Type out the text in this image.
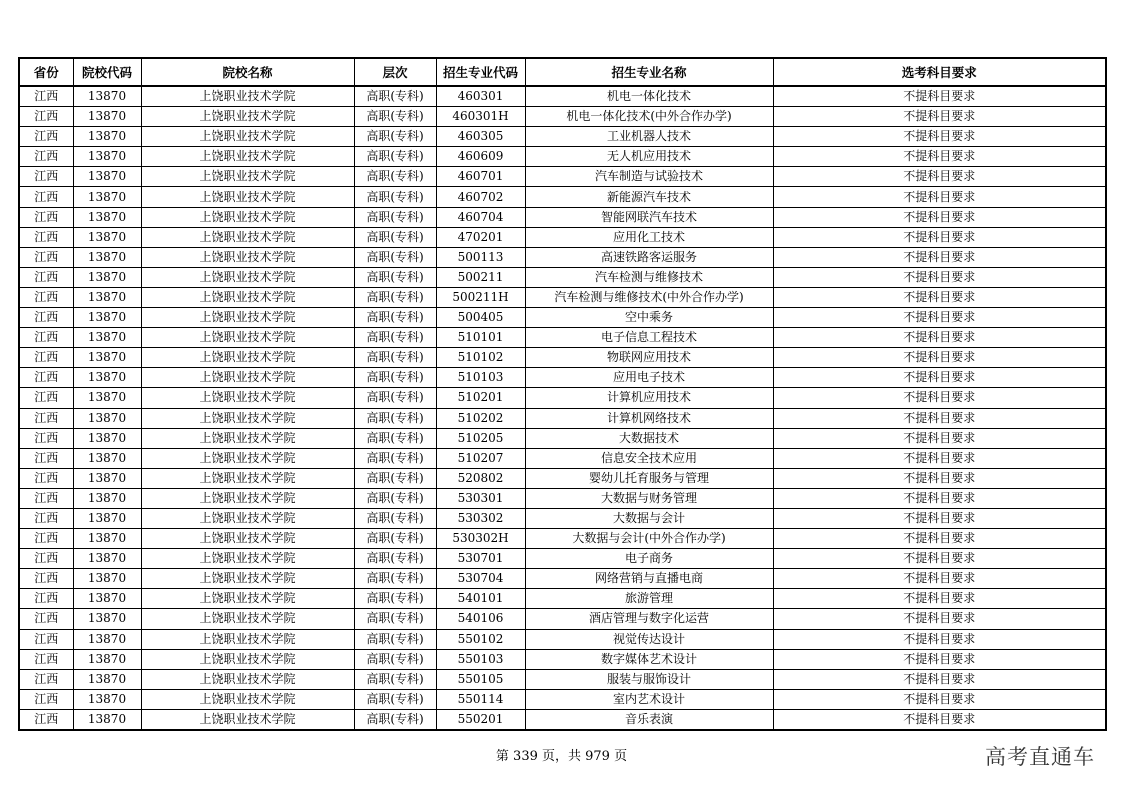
省份	院校代码	院校名称	层次	招生专业代码	招生专业名称	选考科目要求
江西	13870	上饶职业技术学院	高职(专科)	460301	机电一体化技术	不提科目要求
江西	13870	上饶职业技术学院	高职(专科)	460301H	机电一体化技术(中外合作办学)	不提科目要求
江西	13870	上饶职业技术学院	高职(专科)	460305	工业机器人技术	不提科目要求
江西	13870	上饶职业技术学院	高职(专科)	460609	无人机应用技术	不提科目要求
江西	13870	上饶职业技术学院	高职(专科)	460701	汽车制造与试验技术	不提科目要求
江西	13870	上饶职业技术学院	高职(专科)	460702	新能源汽车技术	不提科目要求
江西	13870	上饶职业技术学院	高职(专科)	460704	智能网联汽车技术	不提科目要求
江西	13870	上饶职业技术学院	高职(专科)	470201	应用化工技术	不提科目要求
江西	13870	上饶职业技术学院	高职(专科)	500113	高速铁路客运服务	不提科目要求
江西	13870	上饶职业技术学院	高职(专科)	500211	汽车检测与维修技术	不提科目要求
江西	13870	上饶职业技术学院	高职(专科)	500211H	汽车检测与维修技术(中外合作办学)	不提科目要求
江西	13870	上饶职业技术学院	高职(专科)	500405	空中乘务	不提科目要求
江西	13870	上饶职业技术学院	高职(专科)	510101	电子信息工程技术	不提科目要求
江西	13870	上饶职业技术学院	高职(专科)	510102	物联网应用技术	不提科目要求
江西	13870	上饶职业技术学院	高职(专科)	510103	应用电子技术	不提科目要求
江西	13870	上饶职业技术学院	高职(专科)	510201	计算机应用技术	不提科目要求
江西	13870	上饶职业技术学院	高职(专科)	510202	计算机网络技术	不提科目要求
江西	13870	上饶职业技术学院	高职(专科)	510205	大数据技术	不提科目要求
江西	13870	上饶职业技术学院	高职(专科)	510207	信息安全技术应用	不提科目要求
江西	13870	上饶职业技术学院	高职(专科)	520802	婴幼儿托育服务与管理	不提科目要求
江西	13870	上饶职业技术学院	高职(专科)	530301	大数据与财务管理	不提科目要求
江西	13870	上饶职业技术学院	高职(专科)	530302	大数据与会计	不提科目要求
江西	13870	上饶职业技术学院	高职(专科)	530302H	大数据与会计(中外合作办学)	不提科目要求
江西	13870	上饶职业技术学院	高职(专科)	530701	电子商务	不提科目要求
江西	13870	上饶职业技术学院	高职(专科)	530704	网络营销与直播电商	不提科目要求
江西	13870	上饶职业技术学院	高职(专科)	540101	旅游管理	不提科目要求
江西	13870	上饶职业技术学院	高职(专科)	540106	酒店管理与数字化运营	不提科目要求
江西	13870	上饶职业技术学院	高职(专科)	550102	视觉传达设计	不提科目要求
江西	13870	上饶职业技术学院	高职(专科)	550103	数字媒体艺术设计	不提科目要求
江西	13870	上饶职业技术学院	高职(专科)	550105	服装与服饰设计	不提科目要求
江西	13870	上饶职业技术学院	高职(专科)	550114	室内艺术设计	不提科目要求
江西	13870	上饶职业技术学院	高职(专科)	550201	音乐表演	不提科目要求
第 339 页，共 979 页	高考直通车
